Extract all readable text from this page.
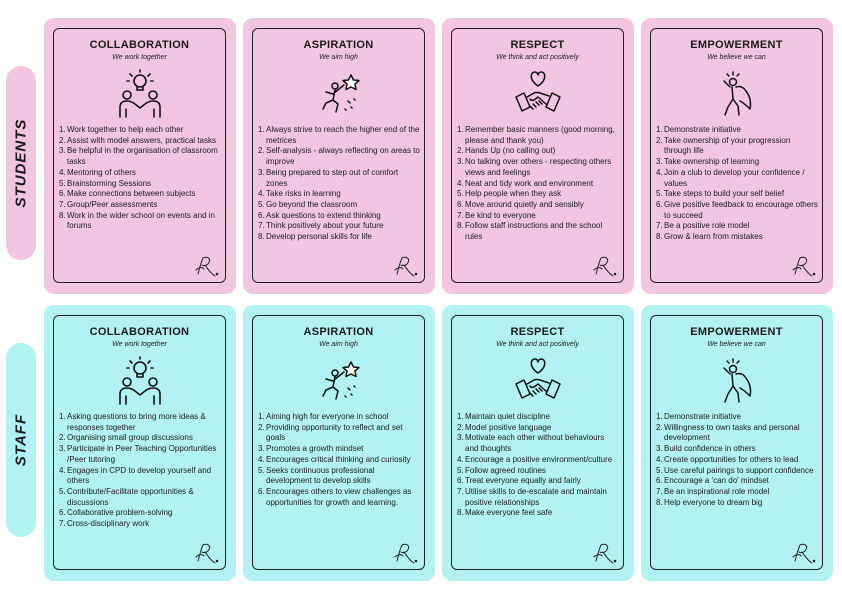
STUDENTS
STAFF
COLLABORATION
We work together
1.Work together to help each other
2.Assist with model answers, practical tasks
3.Be helpful in the organisation of classroom tasks
4.Mentoring of others
5.Brainstorming Sessions
6.Make connections between subjects
7.Group/Peer assessments
8.Work in the wider school on events and in forums
ASPIRATION
We aim high
1.Always strive to reach the higher end of the metrices
2.Self-analysis - always reflecting on areas to improve
3.Being prepared to step out of comfort zones
4.Take risks in learning
5.Go beyond the classroom
6.Ask questions to extend thinking
7.Think positively about your future
8.Develop personal skills for life
RESPECT
We think and act positively
1.Remember basic manners (good morning, please and thank you)
2.Hands Up (no calling out)
3.No talking over others - respecting others views and feelings
4.Neat and tidy work and environment
5.Help people when they ask
6.Move around quietly and sensibly
7.Be kind to everyone
8.Follow staff instructions and the school rules
EMPOWERMENT
We believe we can
1.Demonstrate initiative
2.Take ownership of your progression through life
3.Take ownership of learning
4.Join a club to develop your confidence / values
5.Take steps to build your self belief
6.Give positive feedback to encourage others to succeed
7.Be a positive role model
8.Grow & learn from mistakes
COLLABORATION
We work together
1.Asking questions to bring more ideas & responses together
2.Organising small group discussions
3.Participate in Peer Teaching Opportunities /Peer tutoring
4.Engages in CPD to develop yourself and others
5.Contribute/Facilitate opportunities & discussions
6.Collaborative problem-solving
7.Cross-disciplinary work
ASPIRATION
We aim high
1.Aiming high for everyone in school
2.Providing opportunity to reflect and set goals
3.Promotes a growth mindset
4.Encourages critical thinking and curiosity
5.Seeks continuous professional development to develop skills
6.Encourages others to view challenges as opportunities for growth and learning.
RESPECT
We think and act positively
1.Maintain quiet discipline
2.Model positive language
3.Motivate each other without behaviours and thoughts
4.Encourage a positive environment/culture
5.Follow agreed routines
6.Treat everyone equally and fairly
7.Utilise skills to de-escalate and maintain positive relationships
8.Make everyone feel safe
EMPOWERMENT
We believe we can
1.Demonstrate initiative
2.Willingness to own tasks and personal development
3.Build confidence in others
4.Create opportunities for others to lead
5.Use careful pairings to support confidence
6.Encourage a 'can do' mindset
7.Be an inspirational role model
8.Help everyone to dream big
